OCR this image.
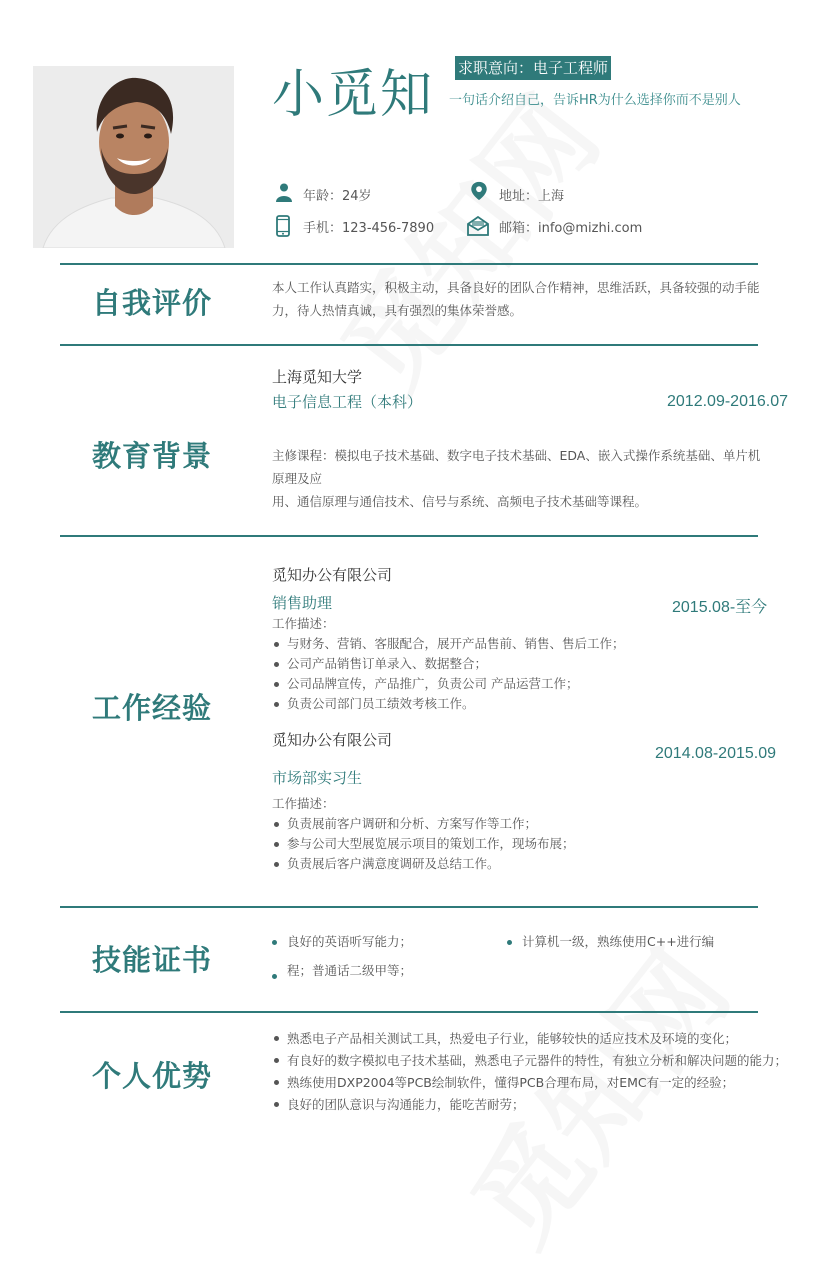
小觅知 求职意向：电子工程师
一句话介绍自己，告诉HR为什么选择你而不是别人
年龄：24岁	地址：上海
手机：123-456-7890	邮箱：info@mizhi.com
自我评价	本人工作认真踏实，积极主动，具备良好的团队合作精神，思维活跃，具备较强的动手能
力，待人热情真诚，具有强烈的集体荣誉感。
教育背景
上海觅知大学
电子信息工程（本科）	2012.09-2016.07
主修课程：模拟电子技术基础、数字电子技术基础、EDA、嵌入式操作系统基础、单片机
原理及应
用、通信原理与通信技术、信号与系统、高频电子技术基础等课程。
工作经验
觅知办公有限公司
销售助理	2015.08-至今
工作描述：
与财务、营销、客服配合，展开产品售前、销售、售后工作；
公司产品销售订单录入、数据整合；
公司品牌宣传，产品推广，负责公司 产品运营工作；
负责公司部门员工绩效考核工作。
觅知办公有限公司
2014.08-2015.09
市场部实习生
工作描述：
负责展前客户调研和分析、方案写作等工作；
参与公司大型展览展示项目的策划工作，现场布展；
负责展后客户满意度调研及总结工作。
技能证书
良好的英语听写能力；	计算机一级，熟练使用C++进行编
程；普通话二级甲等；
个人优势
熟悉电子产品相关测试工具，热爱电子行业，能够较快的适应技术及环境的变化；
有良好的数字模拟电子技术基础，熟悉电子元器件的特性，有独立分析和解决问题的能力；
熟练使用DXP2004等PCB绘制软件，懂得PCB合理布局，对EMC有一定的经验；
良好的团队意识与沟通能力，能吃苦耐劳；
